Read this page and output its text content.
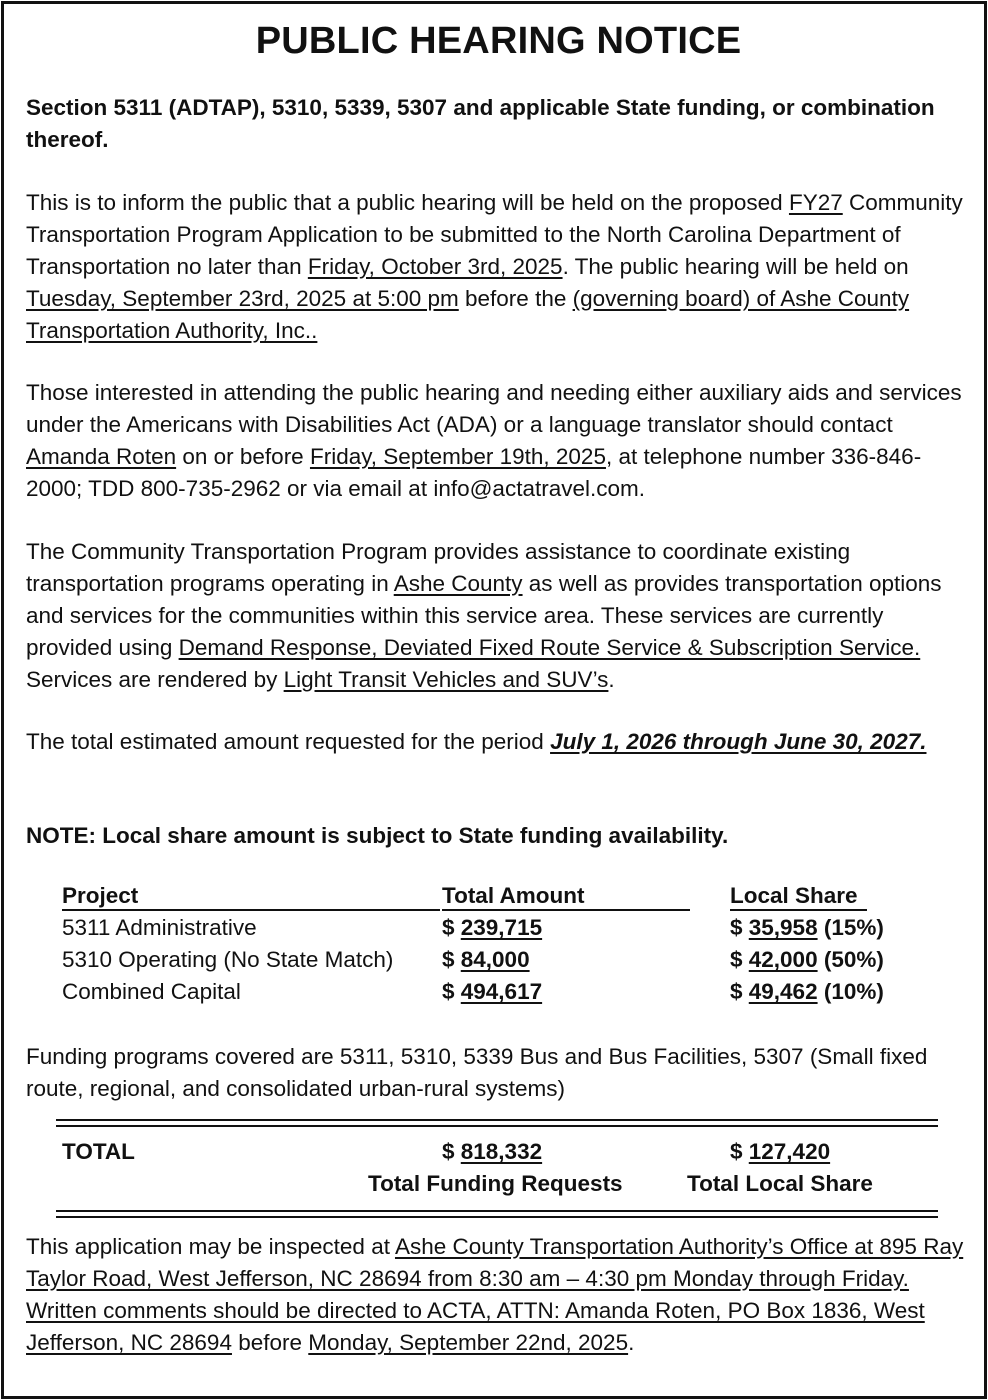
PUBLIC HEARING NOTICE

Section 5311 (ADTAP), 5310, 5339, 5307 and applicable State funding, or combination thereof.

This is to inform the public that a public hearing will be held on the proposed FY27 Community Transportation Program Application to be submitted to the North Carolina Department of Transportation no later than Friday, October 3rd, 2025. The public hearing will be held on Tuesday, September 23rd, 2025 at 5:00 pm before the (governing board) of Ashe County Transportation Authority, Inc..

Those interested in attending the public hearing and needing either auxiliary aids and services under the Americans with Disabilities Act (ADA) or a language translator should contact Amanda Roten on or before Friday, September 19th, 2025, at telephone number 336-846-2000; TDD 800-735-2962 or via email at info@actatravel.com.

The Community Transportation Program provides assistance to coordinate existing transportation programs operating in Ashe County as well as provides transportation options and services for the communities within this service area. These services are currently provided using Demand Response, Deviated Fixed Route Service & Subscription Service. Services are rendered by Light Transit Vehicles and SUV’s.

The total estimated amount requested for the period July 1, 2026 through June 30, 2027.

NOTE: Local share amount is subject to State funding availability.

Project	Total Amount	Local Share
5311 Administrative	$ 239,715	$ 35,958 (15%)
5310 Operating (No State Match) $ 84,000	$ 42,000 (50%)
Combined Capital	$ 494,617	$ 49,462 (10%)

Funding programs covered are 5311, 5310, 5339 Bus and Bus Facilities, 5307 (Small fixed route, regional, and consolidated urban-rural systems)

TOTAL	$ 818,332	$ 127,420
Total Funding Requests	Total Local Share

This application may be inspected at Ashe County Transportation Authority’s Office at 895 Ray Taylor Road, West Jefferson, NC 28694 from 8:30 am – 4:30 pm Monday through Friday. Written comments should be directed to ACTA, ATTN: Amanda Roten, PO Box 1836, West Jefferson, NC 28694 before Monday, September 22nd, 2025.
